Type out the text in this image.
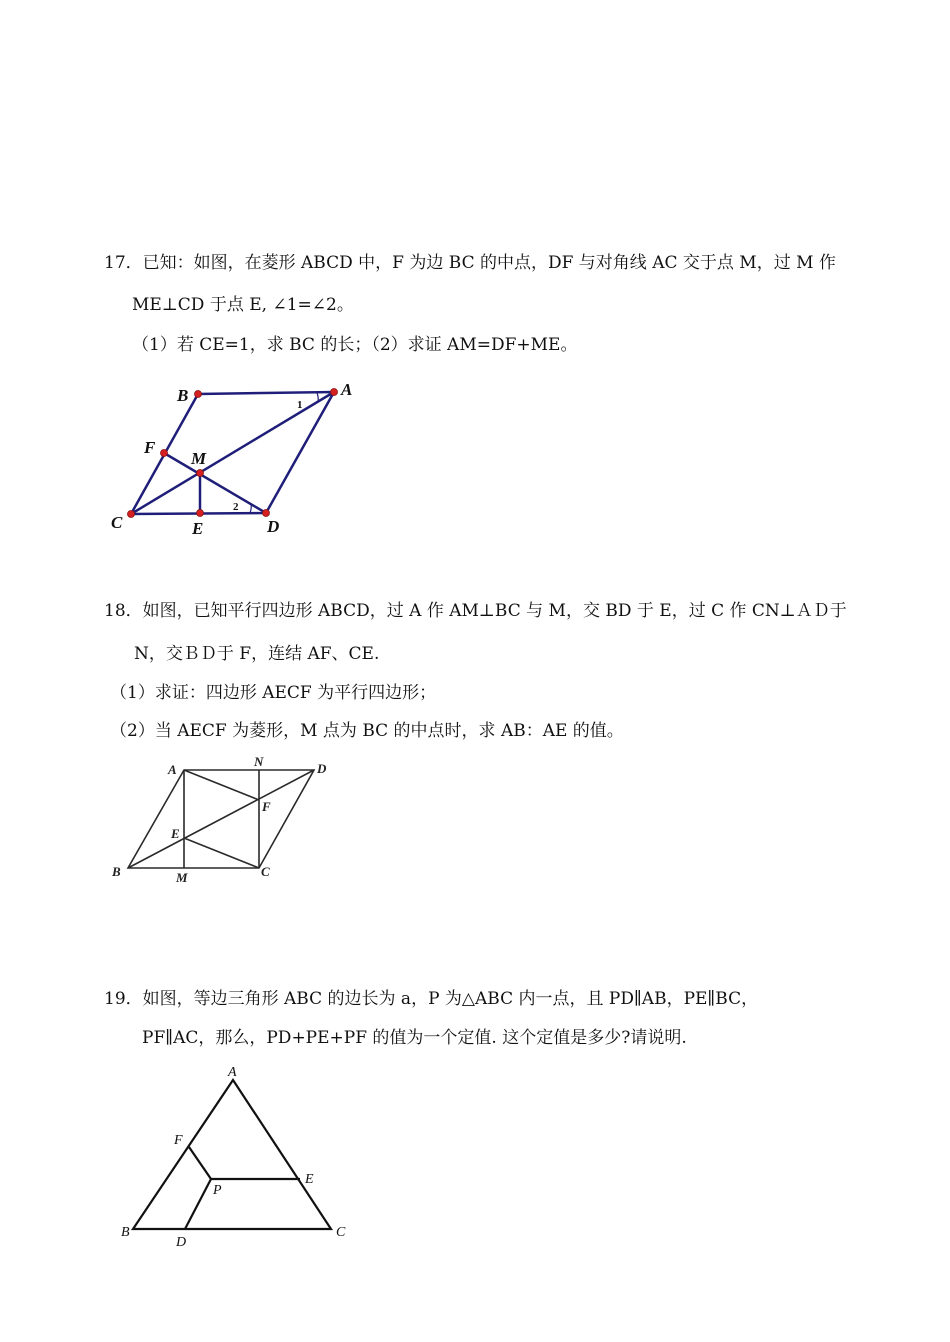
17．已知：如图，在菱形 ABCD 中，F 为边 BC 的中点，DF 与对角线 AC 交于点 M，过 M 作
ME⊥CD 于点 E, ∠1=∠2。
（1）若 CE=1，求 BC 的长；（2）求证 AM=DF+ME。
A
B
C	D
E
F
M
1
2
18．如图，已知平行四边形 ABCD，过 A 作 AM⊥BC 与 M，交 BD 于 E，过 C 作 CN⊥ＡＤ于
N，交ＢＤ于 F，连结 AF、CE.
（1）求证：四边形 AECF 为平行四边形；
（2）当 AECF 为菱形，M 点为 BC 的中点时，求 AB：AE 的值。
A
N	D
F
E
B	M	C
19．如图，等边三角形 ABC 的边长为 a，P 为△ABC 内一点，且 PD∥AB，PE∥BC，
PF∥AC，那么，PD+PE+PF 的值为一个定值. 这个定值是多少?请说明.
A
F
E
P
B
D
C
